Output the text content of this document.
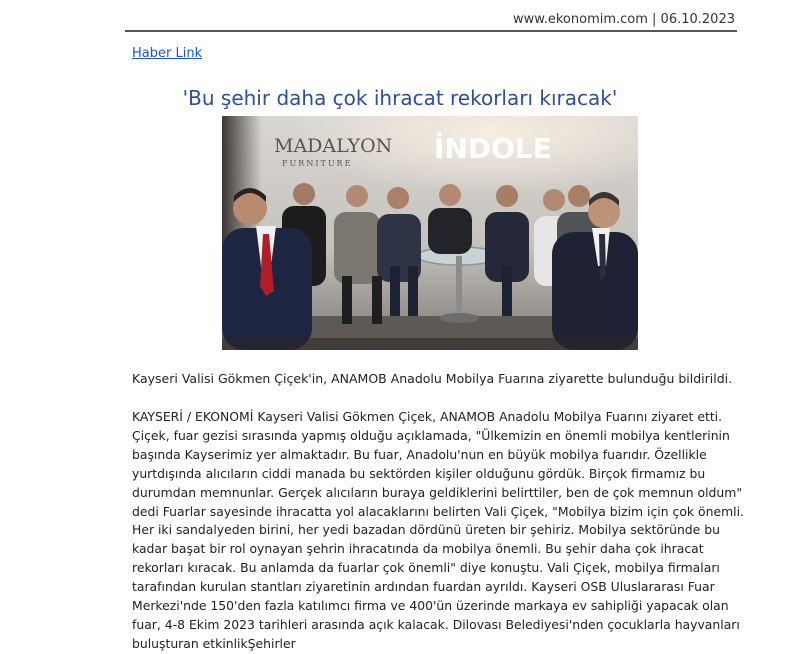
www.ekonomim.com | 06.10.2023
Haber Link
'Bu şehir daha çok ihracat rekorları kıracak'
MADALYON
FURNITURE	İNDOLE
Kayseri Valisi Gökmen Çiçek'in, ANAMOB Anadolu Mobilya Fuarına ziyarette bulunduğu bildirildi.
KAYSERİ / EKONOMİ Kayseri Valisi Gökmen Çiçek, ANAMOB Anadolu Mobilya Fuarını ziyaret etti. Çiçek, fuar gezisi sırasında yapmış olduğu açıklamada, "Ülkemizin en önemli mobilya kentlerinin başında Kayserimiz yer almaktadır. Bu fuar, Anadolu'nun en büyük mobilya fuarıdır. Özellikle yurtdışında alıcıların ciddi manada bu sektörden kişiler olduğunu gördük. Birçok firmamız bu durumdan memnunlar. Gerçek alıcıların buraya geldiklerini belirttiler, ben de çok memnun oldum" dedi Fuarlar sayesinde ihracatta yol alacaklarını belirten Vali Çiçek, "Mobilya bizim için çok önemli. Her iki sandalyeden birini, her yedi bazadan dördünü üreten bir şehiriz. Mobilya sektöründe bu kadar başat bir rol oynayan şehrin ihracatında da mobilya önemli. Bu şehir daha çok ihracat rekorları kıracak. Bu anlamda da fuarlar çok önemli" diye konuştu. Vali Çiçek, mobilya firmaları tarafından kurulan stantları ziyaretinin ardından fuardan ayrıldı. Kayseri OSB Uluslararası Fuar Merkezi'nde 150'den fazla katılımcı firma ve 400'ün üzerinde markaya ev sahipliği yapacak olan fuar, 4-8 Ekim 2023 tarihleri arasında açık kalacak. Dilovası Belediyesi'nden çocuklarla hayvanları buluşturan etkinlikŞehirler
